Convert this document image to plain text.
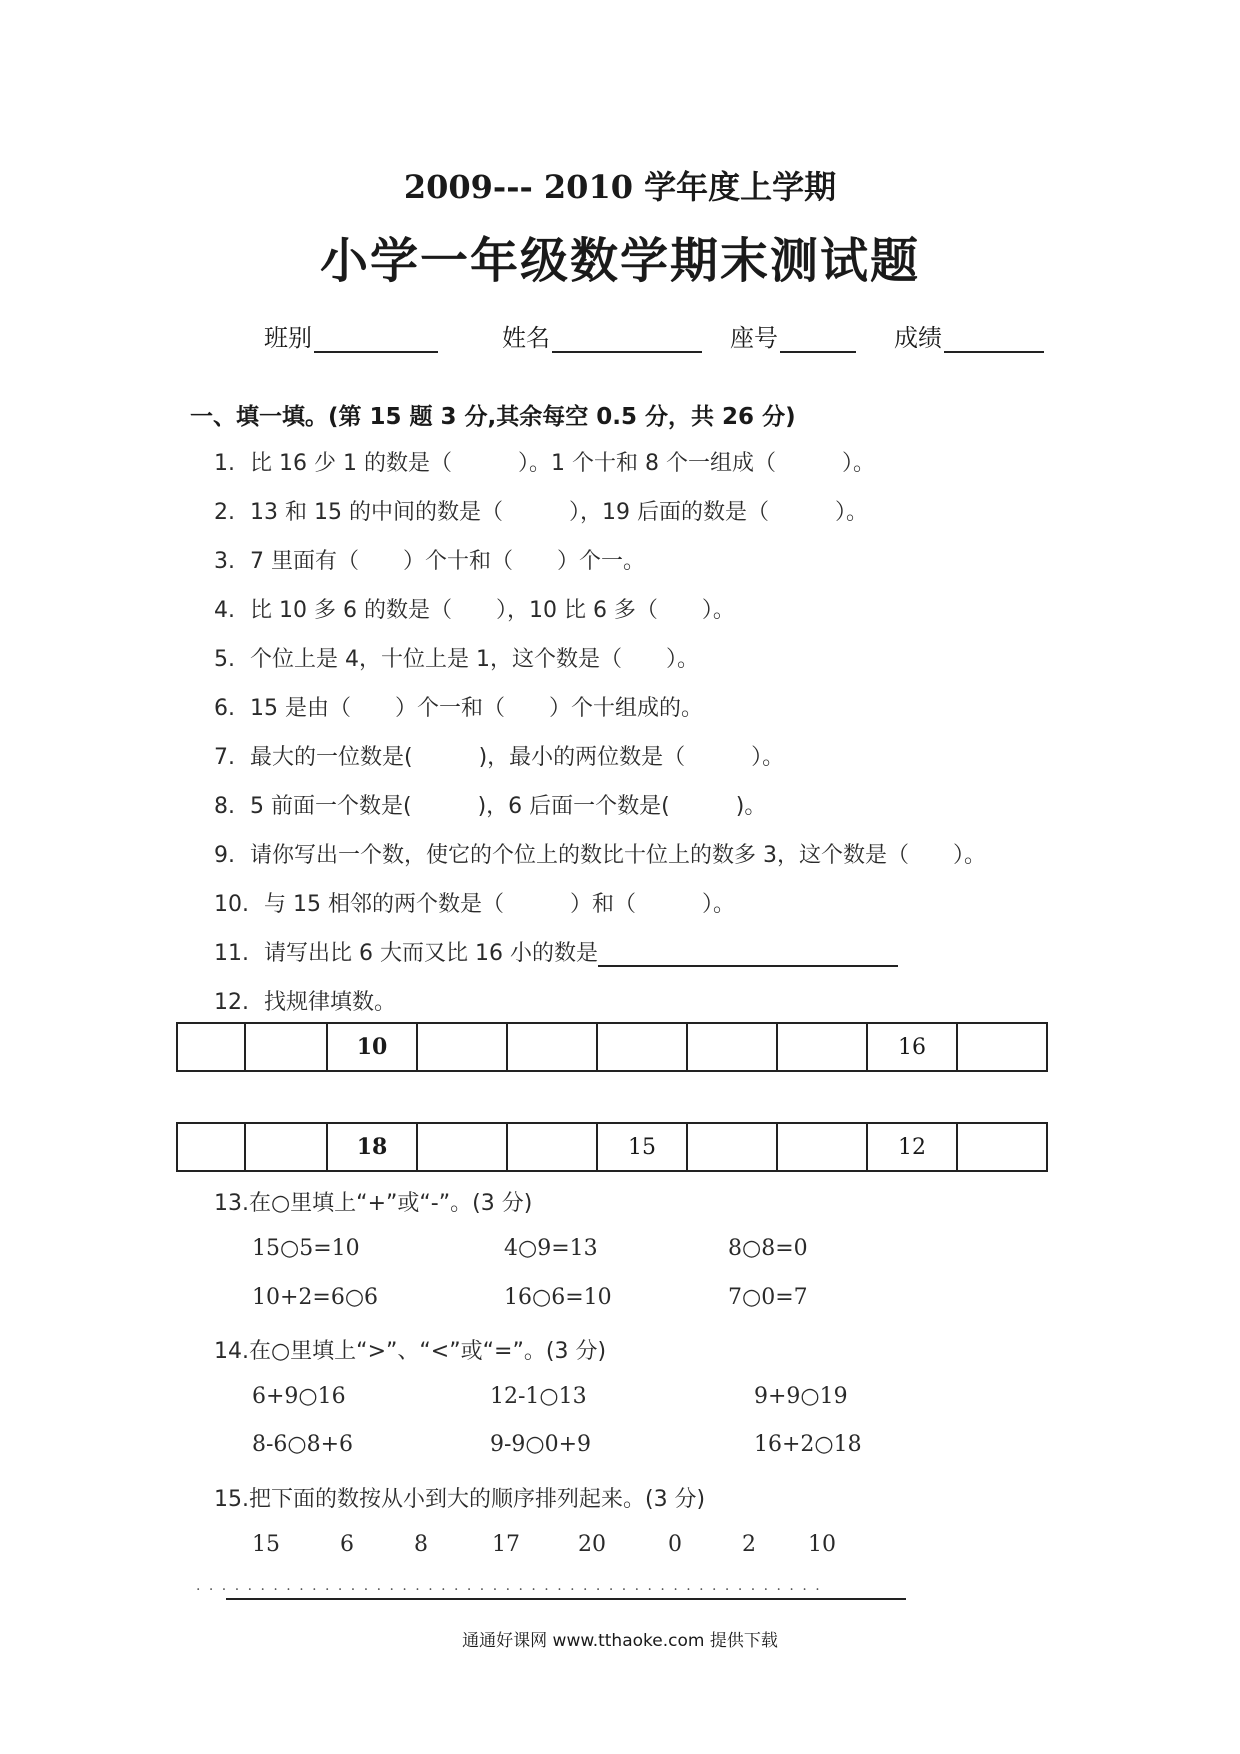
2009--- 2010 学年度上学期
小学一年级数学期末测试题
班别	姓名	座号	成绩
一、填一填。(第 15 题 3 分,其余每空 0.5 分，共 26 分)
1. 比 16 少 1 的数是（　　　）。1 个十和 8 个一组成（　　　）。
2. 13 和 15 的中间的数是（　　　），19 后面的数是（　　　）。
3. 7 里面有（　　）个十和（　　）个一。
4. 比 10 多 6 的数是（　　），10 比 6 多（　　）。
5. 个位上是 4，十位上是 1，这个数是（　　）。
6. 15 是由（　　）个一和（　　）个十组成的。
7. 最大的一位数是(　　　)，最小的两位数是（　　　）。
8. 5 前面一个数是(　　　)，6 后面一个数是(　　　)。
9. 请你写出一个数，使它的个位上的数比十位上的数多 3，这个数是（　　）。
10. 与 15 相邻的两个数是（　　　）和（　　　）。
11. 请写出比 6 大而又比 16 小的数是
12. 找规律填数。
		10						16	
		18			15			12	
13.在○里填上“+”或“-”。(3 分)
15○5=10	4○9=13	8○8=0
10+2=6○6	16○6=10	7○0=7
14.在○里填上“>”、“<”或“=”。(3 分)
6+9○16	12-1○13	9+9○19
8-6○8+6	9-9○0+9	16+2○18
15.把下面的数按从小到大的顺序排列起来。(3 分)
15	6	8	17	20	0	2 10
· · · · · · · · · · · · · · · · · · · · · · · · · · · · · · · · · · · · · · · · · · · · · · · · ·
通通好课网 www.tthaoke.com 提供下载
